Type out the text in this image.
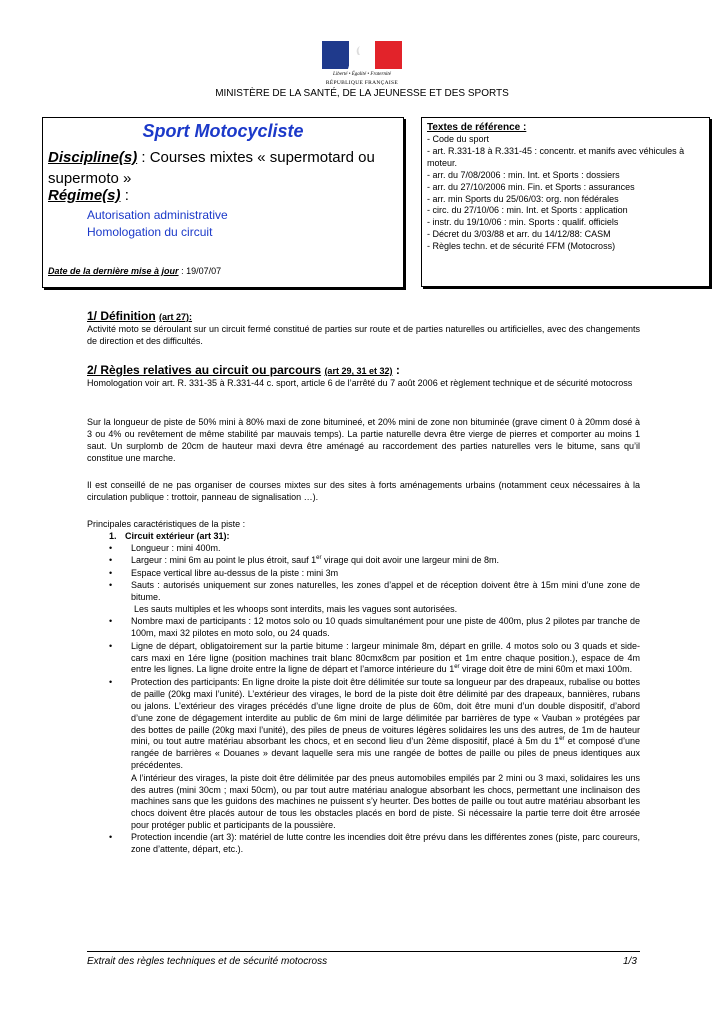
Liberté • Égalité • Fraternité
RÉPUBLIQUE FRANÇAISE
MINISTÈRE DE LA SANTÉ, DE LA JEUNESSE ET DES SPORTS
Sport Motocycliste
Discipline(s) : Courses mixtes « supermotard ou supermoto »
Régime(s) :
Autorisation administrative
Homologation du circuit
Date de la dernière mise à jour : 19/07/07
Textes de référence :
- Code du sport
- art. R.331-18 à R.331-45 : concentr. et manifs avec véhicules à moteur.
- arr. du 7/08/2006 : min. Int. et Sports : dossiers
- arr. du 27/10/2006 min. Fin. et Sports : assurances
- arr. min Sports du 25/06/03: org. non fédérales
- circ. du 27/10/06 : min. Int. et Sports : application
- instr. du 19/10/06 : min. Sports : qualif. officiels
- Décret du 3/03/88 et arr. du 14/12/88: CASM
- Règles techn. et de sécurité FFM (Motocross)
1/ Définition (art 27):

Activité moto se déroulant sur un circuit fermé constitué de parties sur route et de parties naturelles ou artificielles, avec des changements de direction et des difficultés.

2/ Règles relatives au circuit ou parcours (art 29, 31 et 32) :

Homologation voir art. R. 331-35 à R.331-44 c. sport, article 6 de l’arrêté du 7 août 2006 et règlement technique et de sécurité motocross

Sur la longueur de piste de 50% mini à 80% maxi de zone bitumineé, et 20% mini de zone non bituminée (grave ciment 0 à 20mm dosé à 3 ou 4% ou revêtement de même stabilité par mauvais temps). La partie naturelle devra être vierge de pierres et comporter au moins 1 saut. Un surplomb de 20cm de hauteur maxi devra être aménagé au raccordement des parties naturelles vers le bitume, sans qu’il constitue une marche.

Il est conseillé de ne pas organiser de courses mixtes sur des sites à forts aménagements urbains (notamment ceux nécessaires à la circulation publique : trottoir, panneau de signalisation …).

Principales caractéristiques de la piste :

1. Circuit extérieur (art 31):
• Longueur : mini 400m.
• Largeur : mini 6m au point le plus étroit, sauf 1er virage qui doit avoir une largeur mini de 8m.
• Espace vertical libre au-dessus de la piste : mini 3m
• Sauts : autorisés uniquement sur zones naturelles, les zones d’appel et de réception doivent être à 15m mini d’une zone de bitume.
Les sauts multiples et les whoops sont interdits, mais les vagues sont autorisées.
• Nombre maxi de participants : 12 motos solo ou 10 quads simultanément pour une piste de 400m, plus 2 pilotes par tranche de 100m, maxi 32 pilotes en moto solo, ou 24 quads.
• Ligne de départ, obligatoirement sur la partie bitume : largeur minimale 8m, départ en grille. 4 motos solo ou 3 quads et side-cars maxi en 1ére ligne (position machines trait blanc 80cmx8cm par position et 1m entre chaque position.), espace de 4m entre les lignes. La ligne droite entre la ligne de départ et l’amorce intérieure du 1er virage doit être de mini 60m et maxi 100m.
• Protection des participants: En ligne droite la piste doit être délimitée sur toute sa longueur par des drapeaux, rubalise ou bottes de paille (20kg maxi l’unité). L’extérieur des virages, le bord de la piste doit être délimité par des drapeaux, bannières, rubans ou jalons. L’extérieur des virages précédés d’une ligne droite de plus de 60m, doit être muni d’un double dispositif, d’abord d’une zone de dégagement interdite au public de 6m mini de large délimitée par barrières de type « Vauban » protégées par des bottes de paille (20kg maxi l’unité), des piles de pneus de voitures légères solidaires les uns des autres, de 1m de hauteur mini, ou tout autre matériau absorbant les chocs, et en second lieu d’un 2ème dispositif, placé à 5m du 1er et composé d’une rangée de barrières « Douanes » devant laquelle sera mis une rangée de bottes de paille ou piles de pneus identiques aux précédentes.
A l’intérieur des virages, la piste doit être délimitée par des pneus automobiles empilés par 2 mini ou 3 maxi, solidaires les uns des autres (mini 30cm ; maxi 50cm), ou par tout autre matériau analogue absorbant les chocs, permettant une inclinaison des machines sans que les guidons des machines ne puissent s’y heurter. Des bottes de paille ou tout autre matériau absorbant les chocs doivent être placés autour de tous les obstacles placés en bord de piste. Si nécessaire la partie terre doit être arrosée pour protéger public et participants de la poussière.
• Protection incendie (art 3): matériel de lutte contre les incendies doit être prévu dans les différentes zones (piste, parc coureurs, zone d’attente, départ, etc.).
Extrait des règles techniques et de sécurité motocross	1/3
